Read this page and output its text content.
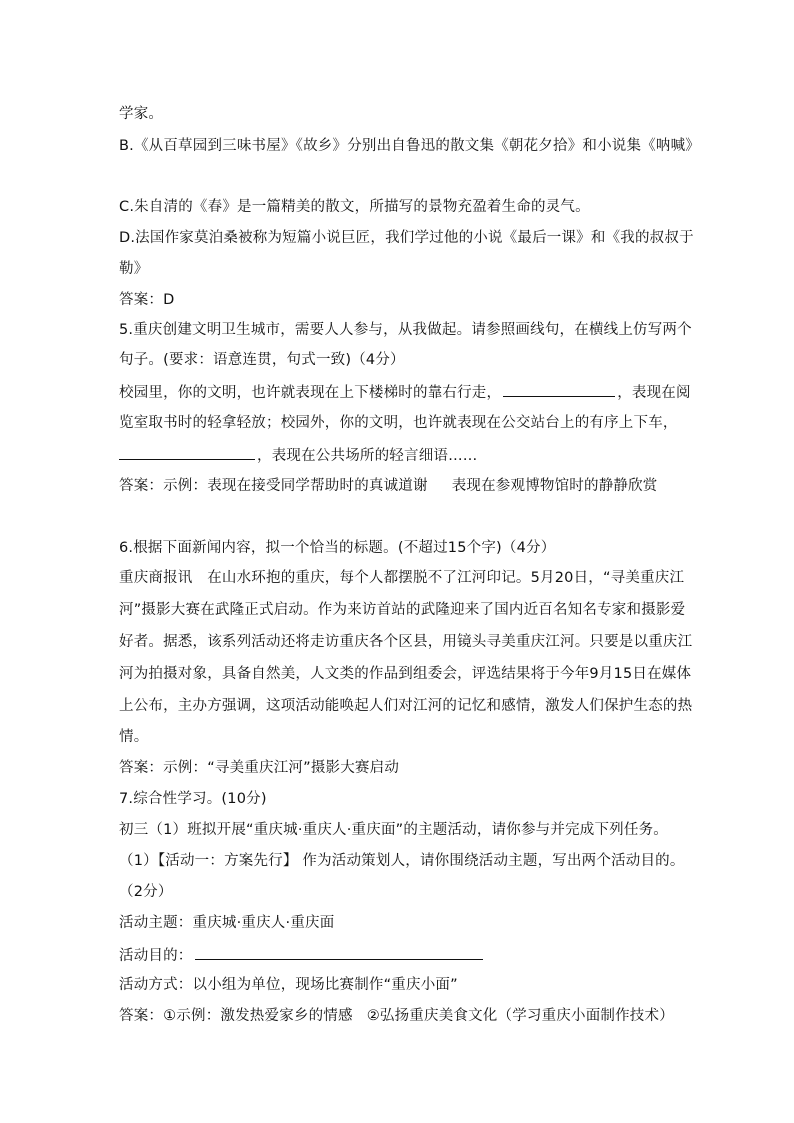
学家。

B.《从百草园到三味书屋》《故乡》分别出自鲁迅的散文集《朝花夕拾》和小说集《呐喊》

C.朱自清的《春》是一篇精美的散文，所描写的景物充盈着生命的灵气。

D.法国作家莫泊桑被称为短篇小说巨匠，我们学过他的小说《最后一课》和《我的叔叔于

勒》

答案：D

5.重庆创建文明卫生城市，需要人人参与，从我做起。请参照画线句，在横线上仿写两个

句子。(要求：语意连贯，句式一致)（4分）

校园里，你的文明，也许就表现在上下楼梯时的靠右行走，	，表现在阅

览室取书时的轻拿轻放；校园外，你的文明，也许就表现在公交站台上的有序上下车，

，表现在公共场所的轻言细语……

答案：示例：表现在接受同学帮助时的真诚道谢 表现在参观博物馆时的静静欣赏

6.根据下面新闻内容，拟一个恰当的标题。(不超过15个字)（4分）

重庆商报讯　在山水环抱的重庆，每个人都摆脱不了江河印记。5月20日，“寻美重庆江

河”摄影大赛在武隆正式启动。作为来访首站的武隆迎来了国内近百名知名专家和摄影爱

好者。据悉，该系列活动还将走访重庆各个区县，用镜头寻美重庆江河。只要是以重庆江

河为拍摄对象，具备自然美，人文类的作品到组委会，评选结果将于今年9月15日在媒体

上公布，主办方强调，这项活动能唤起人们对江河的记忆和感情，激发人们保护生态的热

情。

答案：示例：“寻美重庆江河”摄影大赛启动

7.综合性学习。(10分)

初三（1）班拟开展“重庆城·重庆人·重庆面”的主题活动，请你参与并完成下列任务。

（1）【活动一：方案先行】 作为活动策划人，请你围绕活动主题，写出两个活动目的。

（2分）

活动主题：重庆城·重庆人·重庆面

活动目的：

活动方式：以小组为单位，现场比赛制作“重庆小面”

答案：①示例：激发热爱家乡的情感 ②弘扬重庆美食文化（学习重庆小面制作技术）
